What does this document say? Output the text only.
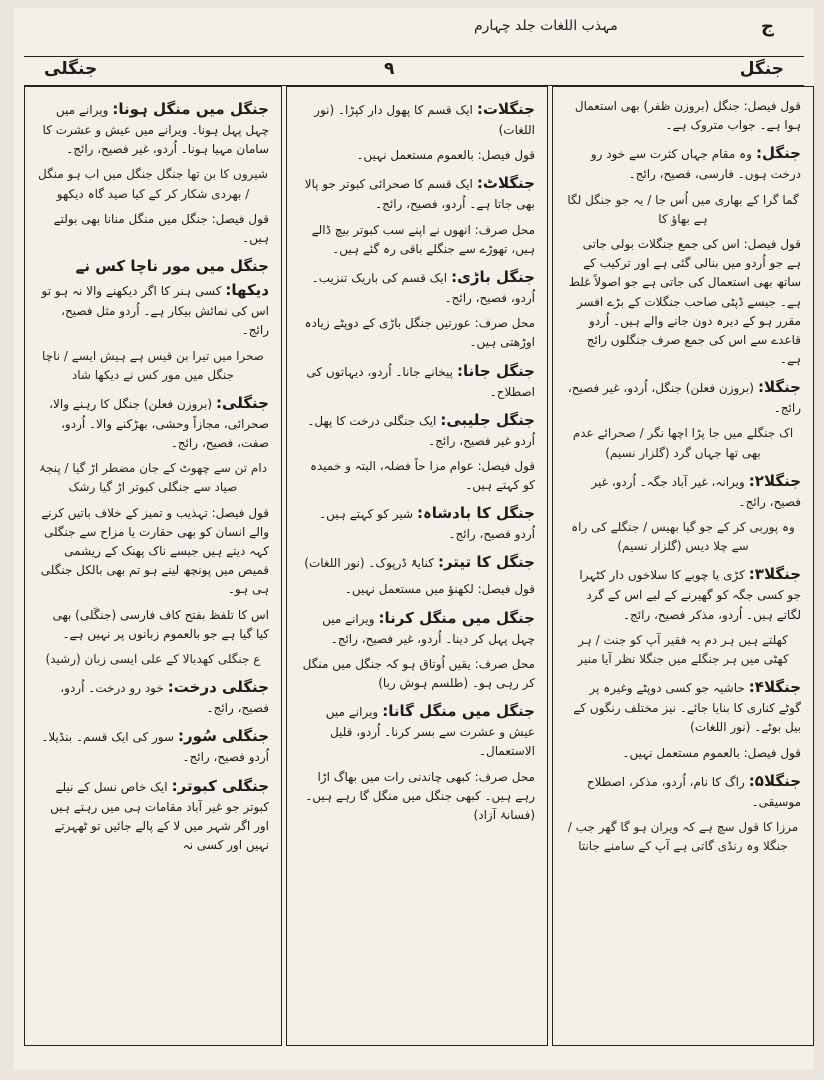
ج
مہذب اللغات جلد چہارم
جنگل
۹
جنگلی
قول فیصل: جنگل (بروزن ظفر) بھی استعمال ہوا ہے۔ جواب متروک ہے۔
جنگل:وہ مقام جہاں کثرت سے خود رو درخت ہوں۔ فارسی، فصیح، رائج۔
گما گرا کے بھاری میں اُس جا / یہ جو جنگل لگا ہے بھاؤ کا
قول فیصل: اس کی جمع جنگلات بولی جاتی ہے جو اُردو میں بنالی گئی ہے اور ترکیب کے ساتھ بھی استعمال کی جاتی ہے جو اصولاً غلط ہے۔ جیسے ڈپٹی صاحب جنگلات کے بڑے افسر مقرر ہو کے دیرہ دون جانے والے ہیں۔ اُردو قاعدے سے اس کی جمع صرف جنگلوں رائج ہے۔
جنگلا:(بروزن فعلن) جنگل، اُردو، غیر فصیح، رائج۔
اک جنگلے میں جا پڑا اچھا نگر / صحرائے عدم بھی تھا جہاں گرد (گلزار نسیم)
جنگلا۲:ویرانہ، غیر آباد جگہ۔ اُردو، غیر فصیح، رائج۔
وہ پوربی کر کے جو گیا بھیس / جنگلے کی راہ سے چلا دیس (گلزار نسیم)
جنگلا۳:کڑی یا چوبے کا سلاخوں دار کٹہرا جو کسی جگہ کو گھیرنے کے لیے اس کے گرد لگاتے ہیں۔ اُردو، مذکر فصیح، رائج۔
کھلتے ہیں ہر دم یہ فقیر آپ کو جنت / ہر کھٹی میں ہر جنگلے میں جنگلا نظر آیا منیر
جنگلا۴:حاشیہ جو کسی دوپٹے وغیرہ پر گوٹے کناری کا بنایا جائے۔ نیز مختلف رنگوں کے بیل بوٹے۔ (نور اللغات)
قول فیصل: بالعموم مستعمل نہیں۔
جنگلا۵:راگ کا نام، اُردو، مذکر، اصطلاح موسیقی۔
مرزا کا قول سچ ہے کہ ویران ہو گا گھر جب / جنگلا وہ رنڈی گاتی ہے آپ کے سامنے جانتا
جنگلات:ایک قسم کا پھول دار کپڑا۔ (نور اللغات)
قول فیصل: بالعموم مستعمل نہیں۔
جنگلاٹ:ایک قسم کا صحرائی کبوتر جو پالا بھی جاتا ہے۔ اُردو، فصیح، رائج۔
محل صرف: انھوں نے اپنے سب کبوتر بیچ ڈالے ہیں، تھوڑے سے جنگلے باقی رہ گئے ہیں۔
جنگل باڑی:ایک قسم کی باریک تنزیب۔ اُردو، فصیح، رائج۔
محل صرف: عورتیں جنگل باڑی کے دوپٹے زیادہ اوڑھتی ہیں۔
جنگل جانا:پیخانے جانا۔ اُردو، دیہاتوں کی اصطلاح۔
جنگل جلیبی:ایک جنگلی درخت کا پھل۔ اُردو غیر فصیح، رائج۔
قول فیصل: عوام مزا حاً فضلہ، البتہ و خمیدہ کو کہتے ہیں۔
جنگل کا بادشاہ:شیر کو کہتے ہیں۔ اُردو فصیح، رائج۔
جنگل کا تیتر:کنایۃً ڈرپوک۔ (نور اللغات)
قول فیصل: لکھنؤ میں مستعمل نہیں۔
جنگل میں منگل کرنا:ویرانے میں چہل پہل کر دینا۔ اُردو، غیر فصیح، رائج۔
محل صرف: یقیں اُوتاق ہو کہ جنگل میں منگل کر رہی ہو۔ (طلسم ہوش ربا)
جنگل میں منگل گانا:ویرانے میں عیش و عشرت سے بسر کرنا۔ اُردو، قلیل الاستعمال۔
محل صرف: کبھی چاندنی رات میں بھاگ اڑا رہے ہیں۔ کبھی جنگل میں منگل گا رہے ہیں۔ (فسانۂ آزاد)
جنگل میں منگل ہونا:ویرانے میں چہل پہل ہونا۔ ویرانے میں عیش و عشرت کا سامان مہیا ہونا۔ اُردو، غیر فصیح، رائج۔
شیروں کا بن تھا جنگل جنگل میں اب ہو منگل / بھردی شکار کر کے کیا صید گاہ دیکھو
قول فیصل: جنگل میں منگل منانا بھی بولتے ہیں۔
جنگل میں مور ناچا کس نے دیکھا:کسی ہنر کا اگر دیکھنے والا نہ ہو تو اس کی نمائش بیکار ہے۔ اُردو مثل فصیح، رائج۔
صحرا میں تیرا بن قیس ہے ہیش ایسے / ناچا جنگل میں مور کس نے دیکھا شاد
جنگلی:(بروزن فعلن) جنگل کا رہنے والا، صحرائی، مجازاً وحشی، بھڑکنے والا۔ اُردو، صفت، فصیح، رائج۔
دام تن سے چھوٹ کے جان مضطر اڑ گیا / پنجۂ صیاد سے جنگلی کبوتر اڑ گیا رشک
قول فیصل: تہذیب و تمیز کے خلاف باتیں کرنے والے انسان کو بھی حقارت یا مزاح سے جنگلی کہہ دیتے ہیں جیسے ناک پھنک کے ریشمی قمیص میں پونچھ لینے ہو تم بھی بالکل جنگلی ہی ہو۔
اس کا تلفظ بفتح کاف فارسی (جنگَلی) بھی کیا گیا ہے جو بالعموم زبانوں پر نہیں ہے۔
ع جنگلی کھدبالا کے علی ایسی زبان (رشید)
جنگلی درخت:خود رو درخت۔ اُردو، فصیح، رائج۔
جنگلی سُور:سور کی ایک قسم۔ بنڈیلا۔ اُردو فصیح، رائج۔
جنگلی کبوتر:ایک خاص نسل کے نیلے کبوتر جو غیر آباد مقامات ہی میں رہتے ہیں اور اگر شہر میں لا کے پالے جائیں تو ٹھہرتے نہیں اور کسی نہ
